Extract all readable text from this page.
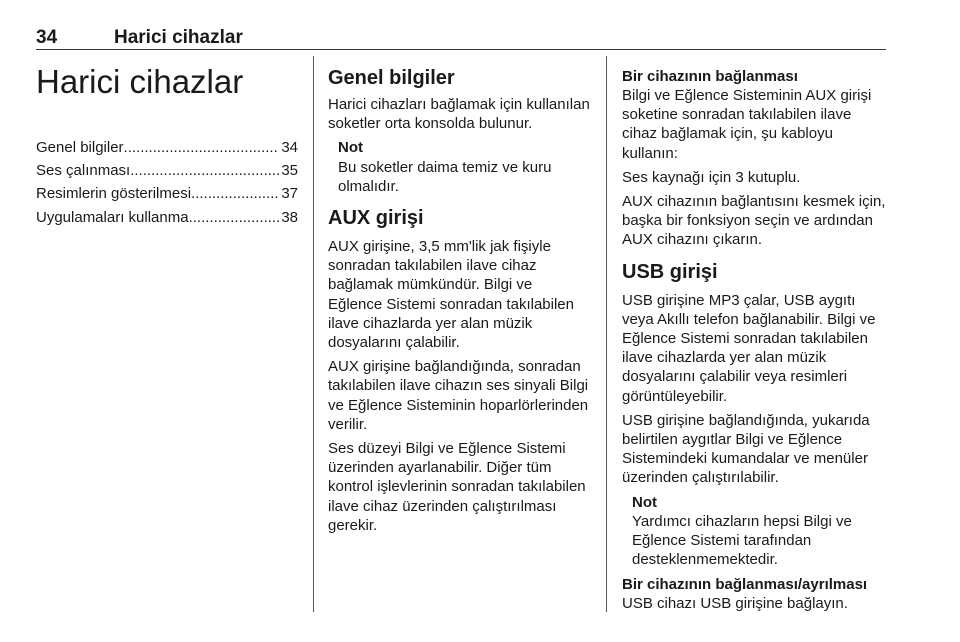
34	Harici cihazlar
Harici cihazlar
Genel bilgiler .....	34
Ses çalınması .....	35
Resimlerin gösterilmesi .....	37
Uygulamaları kullanma .....	38
Genel bilgiler

Harici cihazları bağlamak için kullanılan soketler orta konsolda bulunur.

Not
Bu soketler daima temiz ve kuru olmalıdır.
AUX girişi

AUX girişine, 3,5 mm'lik jak fişiyle sonradan takılabilen ilave cihaz bağlamak mümkündür. Bilgi ve Eğlence Sistemi sonradan takılabilen ilave cihazlarda yer alan müzik dosyalarını çalabilir.

AUX girişine bağlandığında, sonradan takılabilen ilave cihazın ses sinyali Bilgi ve Eğlence Sisteminin hoparlörlerinden verilir.

Ses düzeyi Bilgi ve Eğlence Sistemi üzerinden ayarlanabilir. Diğer tüm kontrol işlevlerinin sonradan takılabilen ilave cihaz üzerinden çalıştırılması gerekir.

Bir cihazının bağlanması

Bilgi ve Eğlence Sisteminin AUX girişi soketine sonradan takılabilen ilave cihaz bağlamak için, şu kabloyu kullanın:

Ses kaynağı için 3 kutuplu.

AUX cihazının bağlantısını kesmek için, başka bir fonksiyon seçin ve ardından AUX cihazını çıkarın.

USB girişi

USB girişine MP3 çalar, USB aygıtı veya Akıllı telefon bağlanabilir. Bilgi ve Eğlence Sistemi sonradan takılabilen ilave cihazlarda yer alan müzik dosyalarını çalabilir veya resimleri görüntüleyebilir.

USB girişine bağlandığında, yukarıda belirtilen aygıtlar Bilgi ve Eğlence Sistemindeki kumandalar ve menüler üzerinden çalıştırılabilir.

Not
Yardımcı cihazların hepsi Bilgi ve Eğlence Sistemi tarafından desteklenmemektedir.
Bir cihazının bağlanması/ayrılması

USB cihazı USB girişine bağlayın.
